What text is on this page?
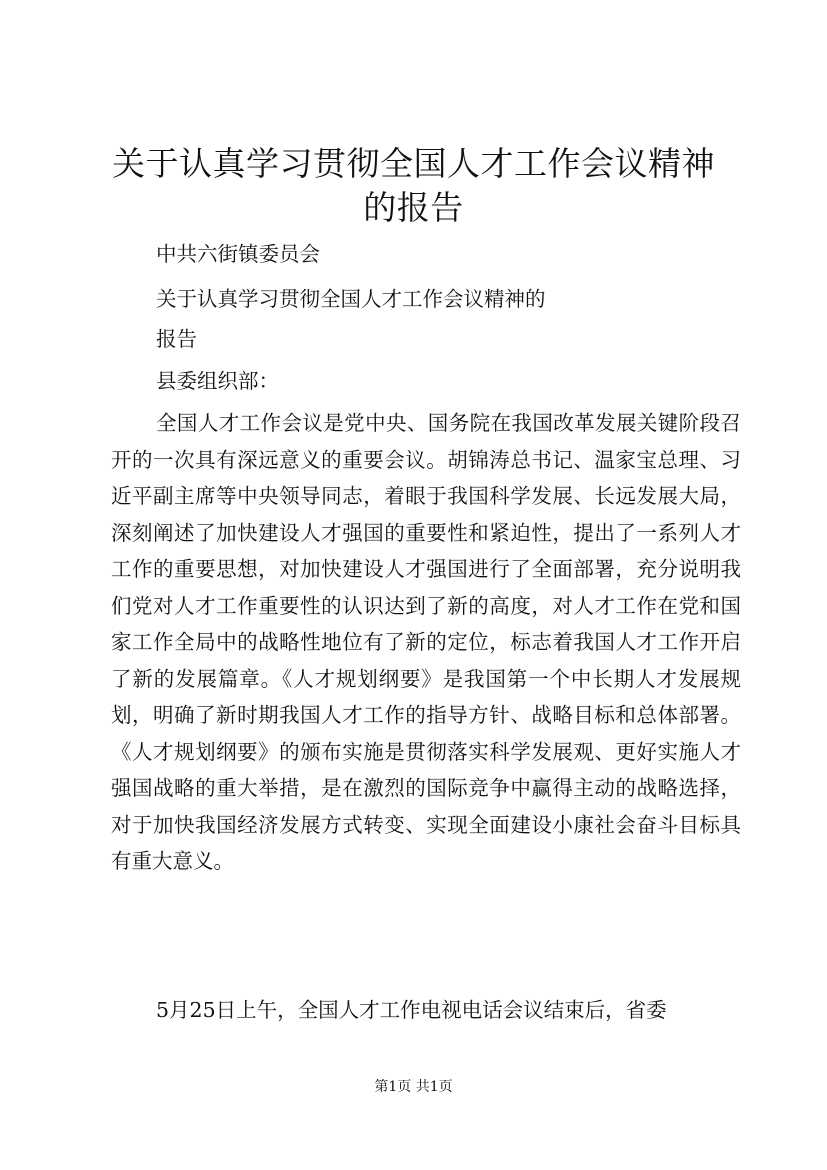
关于认真学习贯彻全国人才工作会议精神的报告

中共六街镇委员会

关于认真学习贯彻全国人才工作会议精神的

报告

县委组织部：

全国人才工作会议是党中央、国务院在我国改革发展关键阶段召开的一次具有深远意义的重要会议。胡锦涛总书记、温家宝总理、习近平副主席等中央领导同志，着眼于我国科学发展、长远发展大局，深刻阐述了加快建设人才强国的重要性和紧迫性，提出了一系列人才工作的重要思想，对加快建设人才强国进行了全面部署，充分说明我们党对人才工作重要性的认识达到了新的高度，对人才工作在党和国家工作全局中的战略性地位有了新的定位，标志着我国人才工作开启了新的发展篇章。《人才规划纲要》是我国第一个中长期人才发展规划，明确了新时期我国人才工作的指导方针、战略目标和总体部署。《人才规划纲要》的颁布实施是贯彻落实科学发展观、更好实施人才强国战略的重大举措，是在激烈的国际竞争中赢得主动的战略选择，对于加快我国经济发展方式转变、实现全面建设小康社会奋斗目标具有重大意义。

5月25日上午，全国人才工作电视电话会议结束后，省委

第1页 共1页
